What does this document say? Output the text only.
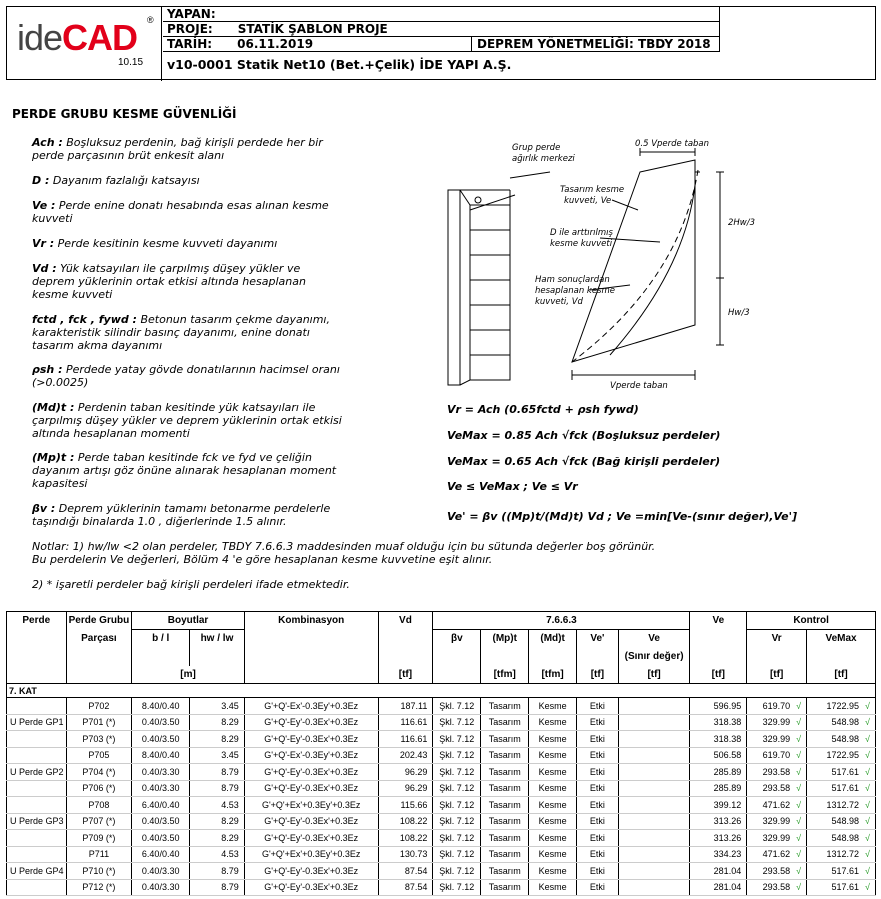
ideCAD ®
10.15
YAPAN:
PROJE:      STATİK ŞABLON PROJE
TARİH:      06.11.2019	DEPREM YÖNETMELİĞİ: TBDY 2018
v10-0001 Statik Net10 (Bet.+Çelik) İDE YAPI A.Ş.
PERDE GRUBU KESME GÜVENLİĞİ
Ach : Boşluksuz perdenin, bağ kirişli perdede her bir perde parçasının brüt enkesit alanı
D : Dayanım fazlalığı katsayısı
Ve : Perde enine donatı hesabında esas alınan kesme kuvveti
Vr : Perde kesitinin kesme kuvveti dayanımı
Vd : Yük katsayıları ile çarpılmış düşey yükler ve deprem yüklerinin ortak etkisi altında hesaplanan kesme kuvveti
fctd , fck , fywd : Betonun tasarım çekme dayanımı, karakteristik silindir basınç dayanımı, enine donatı tasarım akma dayanımı
ρsh : Perdede yatay gövde donatılarının hacimsel oranı (>0.0025)
(Md)t : Perdenin taban kesitinde yük katsayıları ile çarpılmış düşey yükler ve deprem yüklerinin ortak etkisi altında hesaplanan momenti
(Mp)t : Perde taban kesitinde fck ve fyd ve çeliğin dayanım artışı göz önüne alınarak hesaplanan moment kapasitesi
βv : Deprem yüklerinin tamamı betonarme perdelerle taşındığı binalarda 1.0 , diğerlerinde 1.5 alınır.
Grup perde
ağırlık merkezi
0.5 Vperde taban
Tasarım kesme
kuvveti, Ve
D ile arttırılmış
kesme kuvveti
Ham sonuçlardan
hesaplanan kesme
kuvveti, Vd
2Hw/3
Hw/3
Vperde taban
Vr = Ach (0.65fctd + ρsh fywd)
VeMax = 0.85 Ach √fck (Boşluksuz perdeler)
VeMax = 0.65 Ach √fck (Bağ kirişli perdeler)
Ve ≤ VeMax ; Ve ≤ Vr
Ve' = βv ((Mp)t/(Md)t) Vd ; Ve =min[Ve-(sınır değer),Ve']
Notlar: 1) hw/lw <2 olan perdeler, TBDY 7.6.6.3 maddesinden muaf olduğu için bu sütunda değerler boş görünür.
Bu perdelerin Ve değerleri, Bölüm 4 'e göre hesaplanan kesme kuvvetine eşit alınır.
2) * işaretli perdeler bağ kirişli perdeleri ifade etmektedir.
Perde	Perde Grubu	Boyutlar		Kombinasyon	Vd	7.6.6.3					Ve	Kontrol	
	Parçası	b / l	hw / lw			βv	(Mp)t	(Md)t	Ve'	Ve		Vr	VeMax
										(Sınır değer)			
		[m]			[tf]		[tfm]	[tfm]	[tf]	[tf]	[tf]	[tf]	[tf]
7. KAT													
	P702	8.40/0.40	3.45	G'+Q'-Ex'-0.3Ey'+0.3Ez	187.11	Şkl. 7.12	Tasarım	Kesme	Etki		596.95	619.70 √	1722.95 √
U Perde GP1	P701 (*)	0.40/3.50	8.29	G'+Q'-Ey'-0.3Ex'+0.3Ez	116.61	Şkl. 7.12	Tasarım	Kesme	Etki		318.38	329.99 √	548.98 √
	P703 (*)	0.40/3.50	8.29	G'+Q'-Ey'-0.3Ex'+0.3Ez	116.61	Şkl. 7.12	Tasarım	Kesme	Etki		318.38	329.99 √	548.98 √
	P705	8.40/0.40	3.45	G'+Q'-Ex'-0.3Ey'+0.3Ez	202.43	Şkl. 7.12	Tasarım	Kesme	Etki		506.58	619.70 √	1722.95 √
U Perde GP2	P704 (*)	0.40/3.30	8.79	G'+Q'-Ey'-0.3Ex'+0.3Ez	96.29	Şkl. 7.12	Tasarım	Kesme	Etki		285.89	293.58 √	517.61 √
	P706 (*)	0.40/3.30	8.79	G'+Q'-Ey'-0.3Ex'+0.3Ez	96.29	Şkl. 7.12	Tasarım	Kesme	Etki		285.89	293.58 √	517.61 √
	P708	6.40/0.40	4.53	G'+Q'+Ex'+0.3Ey'+0.3Ez	115.66	Şkl. 7.12	Tasarım	Kesme	Etki		399.12	471.62 √	1312.72 √
U Perde GP3	P707 (*)	0.40/3.50	8.29	G'+Q'-Ey'-0.3Ex'+0.3Ez	108.22	Şkl. 7.12	Tasarım	Kesme	Etki		313.26	329.99 √	548.98 √
	P709 (*)	0.40/3.50	8.29	G'+Q'-Ey'-0.3Ex'+0.3Ez	108.22	Şkl. 7.12	Tasarım	Kesme	Etki		313.26	329.99 √	548.98 √
	P711	6.40/0.40	4.53	G'+Q'+Ex'+0.3Ey'+0.3Ez	130.73	Şkl. 7.12	Tasarım	Kesme	Etki		334.23	471.62 √	1312.72 √
U Perde GP4	P710 (*)	0.40/3.30	8.79	G'+Q'-Ey'-0.3Ex'+0.3Ez	87.54	Şkl. 7.12	Tasarım	Kesme	Etki		281.04	293.58 √	517.61 √
	P712 (*)	0.40/3.30	8.79	G'+Q'-Ey'-0.3Ex'+0.3Ez	87.54	Şkl. 7.12	Tasarım	Kesme	Etki		281.04	293.58 √	517.61 √
